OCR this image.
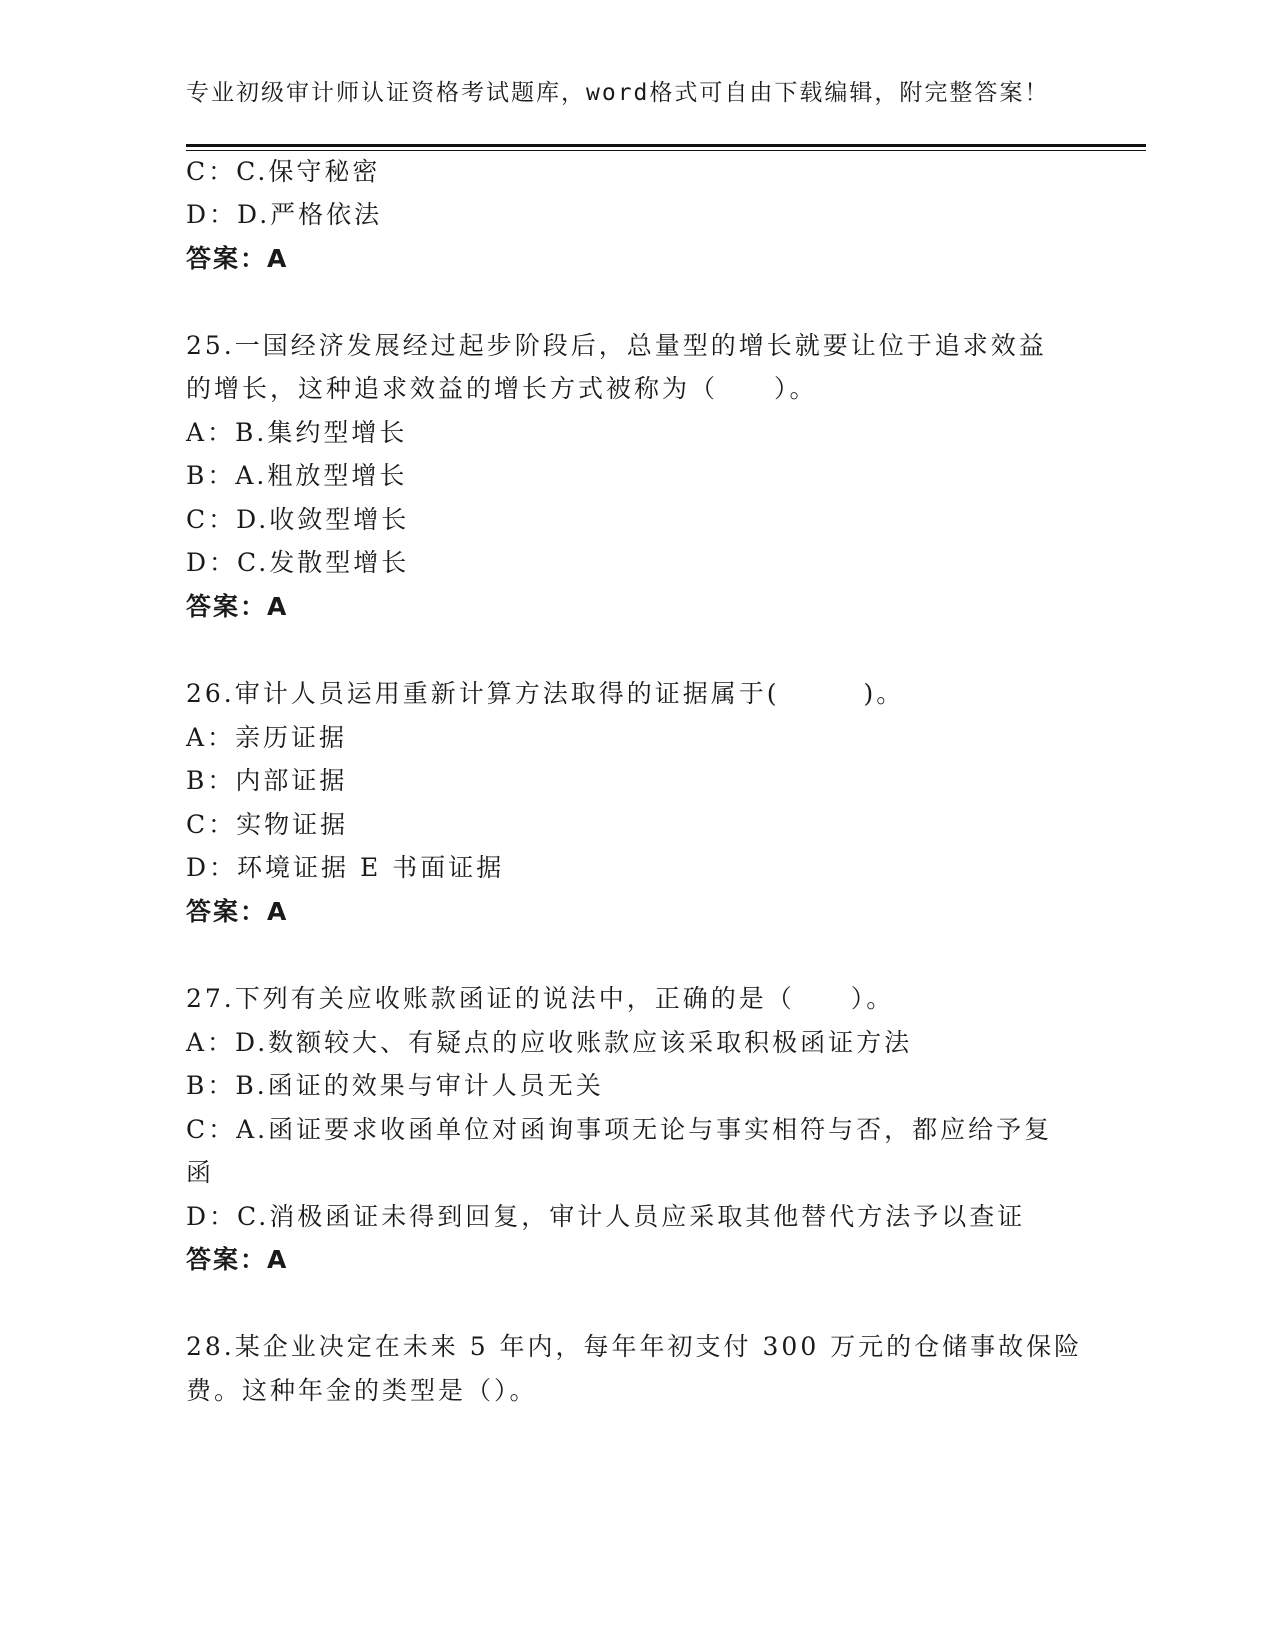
专业初级审计师认证资格考试题库，word格式可自由下载编辑，附完整答案！
C：C.保守秘密
D：D.严格依法
答案：A
25.一国经济发展经过起步阶段后，总量型的增长就要让位于追求效益
的增长，这种追求效益的增长方式被称为（　　）。
A：B.集约型增长
B：A.粗放型增长
C：D.收敛型增长
D：C.发散型增长
答案：A
26.审计人员运用重新计算方法取得的证据属于(　　　)。
A：亲历证据
B：内部证据
C：实物证据
D：环境证据 E 书面证据
答案：A
27.下列有关应收账款函证的说法中，正确的是（　　）。
A：D.数额较大、有疑点的应收账款应该采取积极函证方法
B：B.函证的效果与审计人员无关
C：A.函证要求收函单位对函询事项无论与事实相符与否，都应给予复
函
D：C.消极函证未得到回复，审计人员应采取其他替代方法予以查证
答案：A
28.某企业决定在未来 5 年内，每年年初支付 300 万元的仓储事故保险
费。这种年金的类型是（）。
